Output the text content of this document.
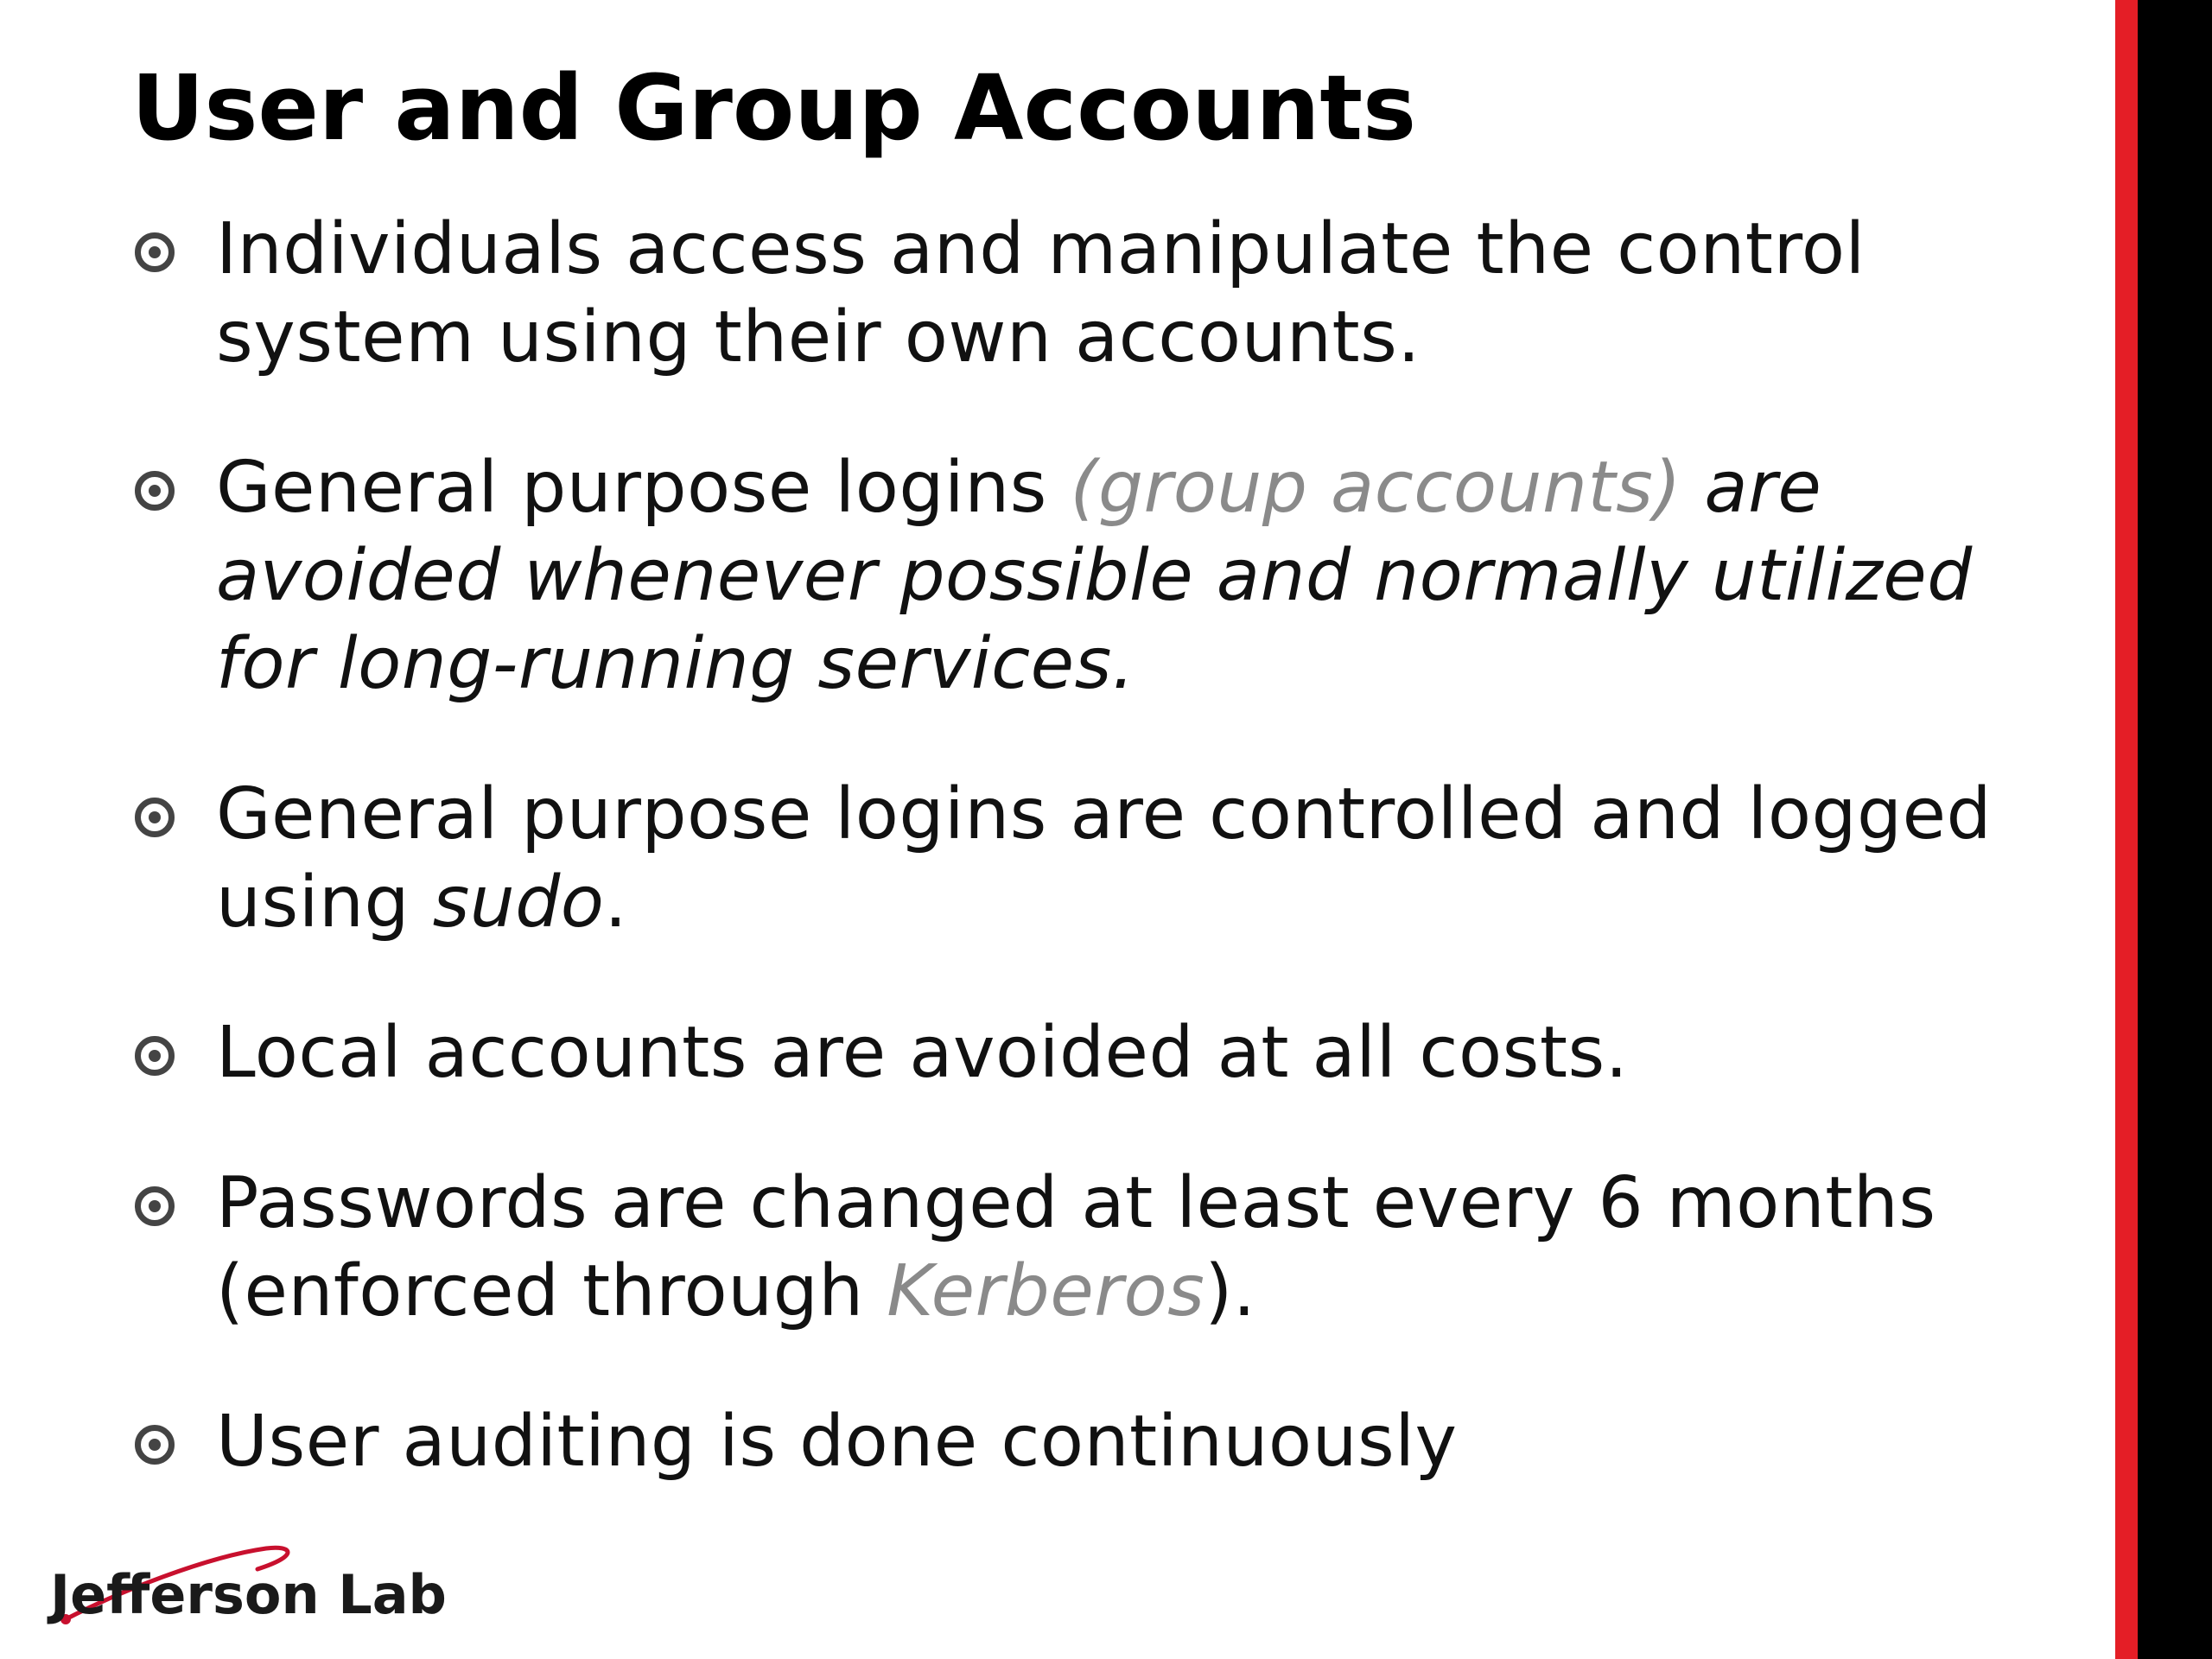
User and Group Accounts
Individuals access and manipulate the control system using their own accounts.
General purpose logins (group accounts) are avoided whenever possible and normally utilized for long-running services.
General purpose logins are controlled and logged using sudo.
Local accounts are avoided at all costs.
Passwords are changed at least every 6 months (enforced through Kerberos).
User auditing is done continuously
Jefferson Lab
